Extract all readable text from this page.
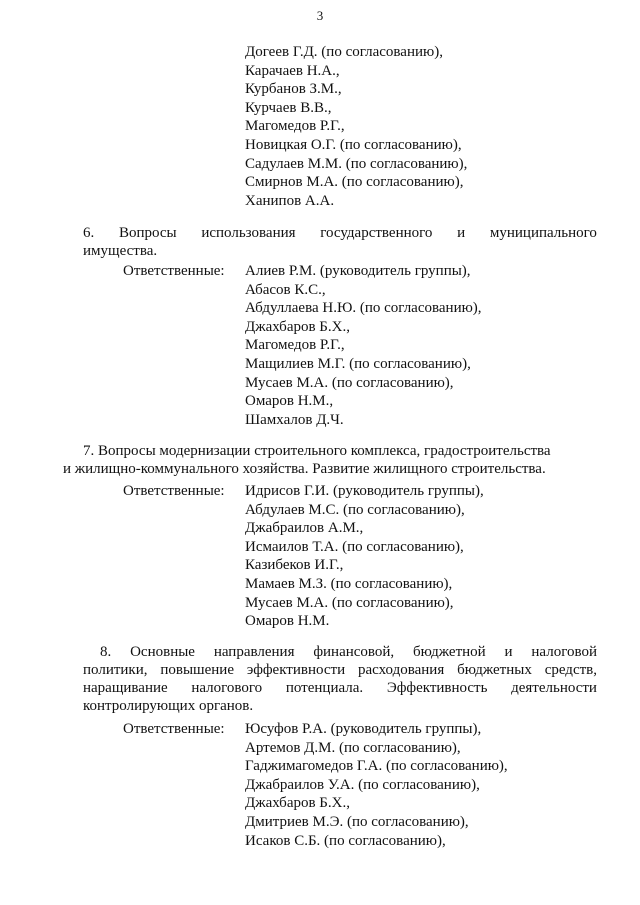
3
Догеев Г.Д. (по согласованию),
Карачаев Н.А.,
Курбанов З.М.,
Курчаев В.В.,
Магомедов Р.Г.,
Новицкая О.Г. (по согласованию),
Садулаев М.М. (по согласованию),
Смирнов М.А. (по согласованию),
Ханипов А.А.
6. Вопросы использования государственного и муниципального
имущества.
Ответственные: Алиев Р.М. (руководитель группы),
Абасов К.С.,
Абдуллаева Н.Ю. (по согласованию),
Джахбаров Б.Х.,
Магомедов Р.Г.,
Мащилиев М.Г. (по согласованию),
Мусаев М.А. (по согласованию),
Омаров Н.М.,
Шамхалов Д.Ч.
7. Вопросы модернизации строительного комплекса, градостроительства
и жилищно-коммунального хозяйства. Развитие жилищного строительства.
Ответственные: Идрисов Г.И. (руководитель группы),
Абдулаев М.С. (по согласованию),
Джабраилов А.М.,
Исмаилов Т.А. (по согласованию),
Казибеков И.Г.,
Мамаев М.З. (по согласованию),
Мусаев М.А. (по согласованию),
Омаров Н.М.
8. Основные направления финансовой, бюджетной и налоговой
политики, повышение эффективности расходования бюджетных средств,
наращивание налогового потенциала. Эффективность деятельности
контролирующих органов.
Ответственные: Юсуфов Р.А. (руководитель группы),
Артемов Д.М. (по согласованию),
Гаджимагомедов Г.А. (по согласованию),
Джабраилов У.А. (по согласованию),
Джахбаров Б.Х.,
Дмитриев М.Э. (по согласованию),
Исаков С.Б. (по согласованию),
